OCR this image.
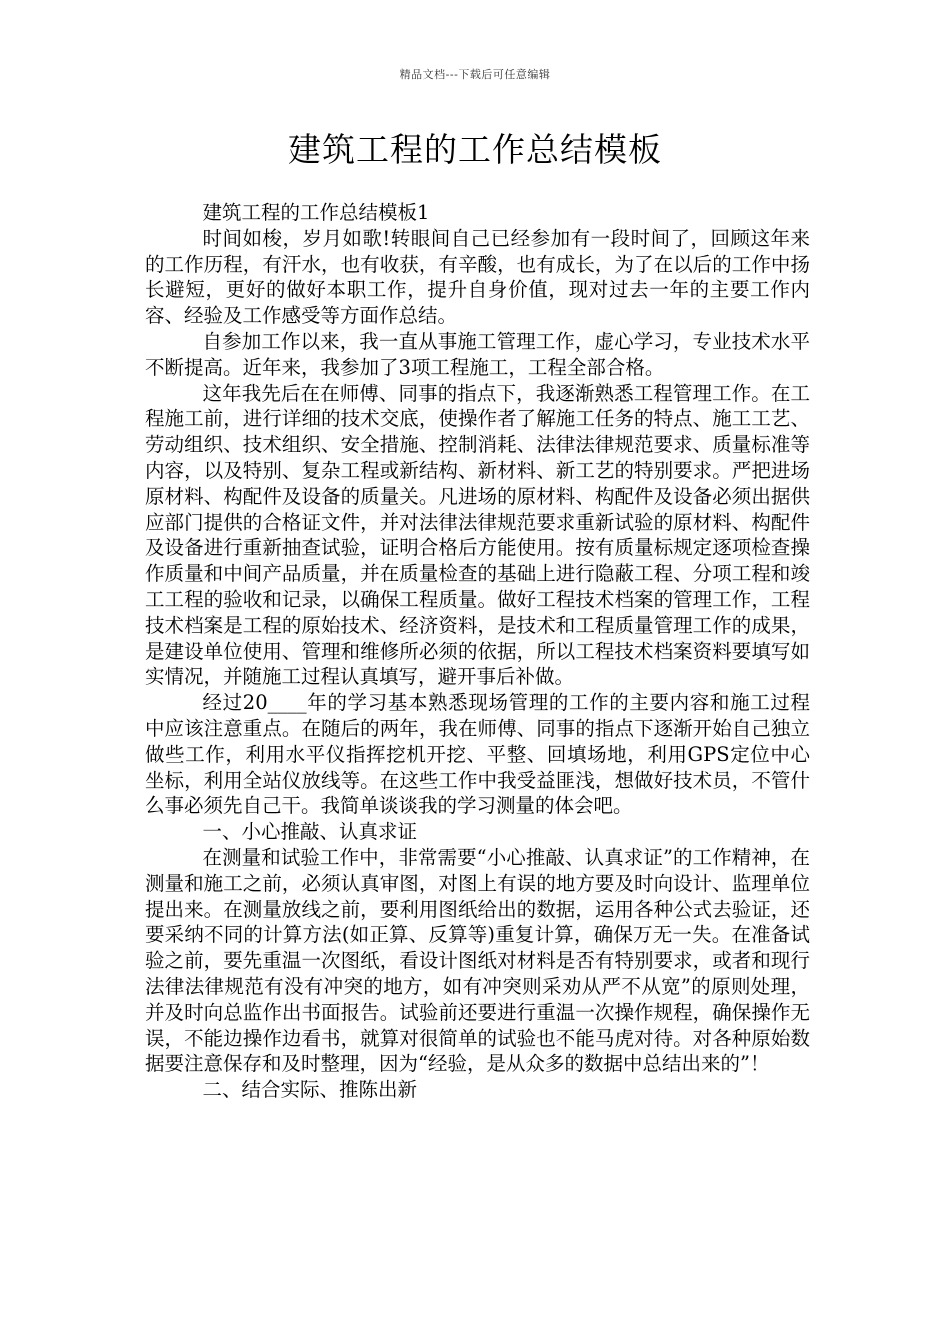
精品文档---下载后可任意编辑
建筑工程的工作总结模板

建筑工程的工作总结模板1

时间如梭，岁月如歌!转眼间自己已经参加有一段时间了，回顾这年来的工作历程，有汗水，也有收获，有辛酸，也有成长，为了在以后的工作中扬长避短，更好的做好本职工作，提升自身价值，现对过去一年的主要工作内容、经验及工作感受等方面作总结。

自参加工作以来，我一直从事施工管理工作，虚心学习，专业技术水平不断提高。近年来，我参加了3项工程施工，工程全部合格。

这年我先后在在师傅、同事的指点下，我逐渐熟悉工程管理工作。在工程施工前，进行详细的技术交底，使操作者了解施工任务的特点、施工工艺、劳动组织、技术组织、安全措施、控制消耗、法律法律规范要求、质量标准等内容，以及特别、复杂工程或新结构、新材料、新工艺的特别要求。严把进场原材料、构配件及设备的质量关。凡进场的原材料、构配件及设备必须出据供应部门提供的合格证文件，并对法律法律规范要求重新试验的原材料、构配件及设备进行重新抽查试验，证明合格后方能使用。按有质量标规定逐项检查操作质量和中间产品质量，并在质量检查的基础上进行隐蔽工程、分项工程和竣工工程的验收和记录，以确保工程质量。做好工程技术档案的管理工作，工程技术档案是工程的原始技术、经济资料，是技术和工程质量管理工作的成果，是建设单位使用、管理和维修所必须的依据，所以工程技术档案资料要填写如实情况，并随施工过程认真填写，避开事后补做。

经过20____年的学习基本熟悉现场管理的工作的主要内容和施工过程中应该注意重点。在随后的两年，我在师傅、同事的指点下逐渐开始自己独立做些工作，利用水平仪指挥挖机开挖、平整、回填场地，利用GPS定位中心坐标，利用全站仪放线等。在这些工作中我受益匪浅，想做好技术员，不管什么事必须先自己干。我简单谈谈我的学习测量的体会吧。

一、小心推敲、认真求证

在测量和试验工作中，非常需要“小心推敲、认真求证”的工作精神，在测量和施工之前，必须认真审图，对图上有误的地方要及时向设计、监理单位提出来。在测量放线之前，要利用图纸给出的数据，运用各种公式去验证，还要采纳不同的计算方法(如正算、反算等)重复计算，确保万无一失。在准备试验之前，要先重温一次图纸，看设计图纸对材料是否有特别要求，或者和现行法律法律规范有没有冲突的地方，如有冲突则采劝从严不从宽”的原则处理，并及时向总监作出书面报告。试验前还要进行重温一次操作规程，确保操作无误，不能边操作边看书，就算对很简单的试验也不能马虎对待。对各种原始数据要注意保存和及时整理，因为“经验，是从众多的数据中总结出来的”！

二、结合实际、推陈出新
